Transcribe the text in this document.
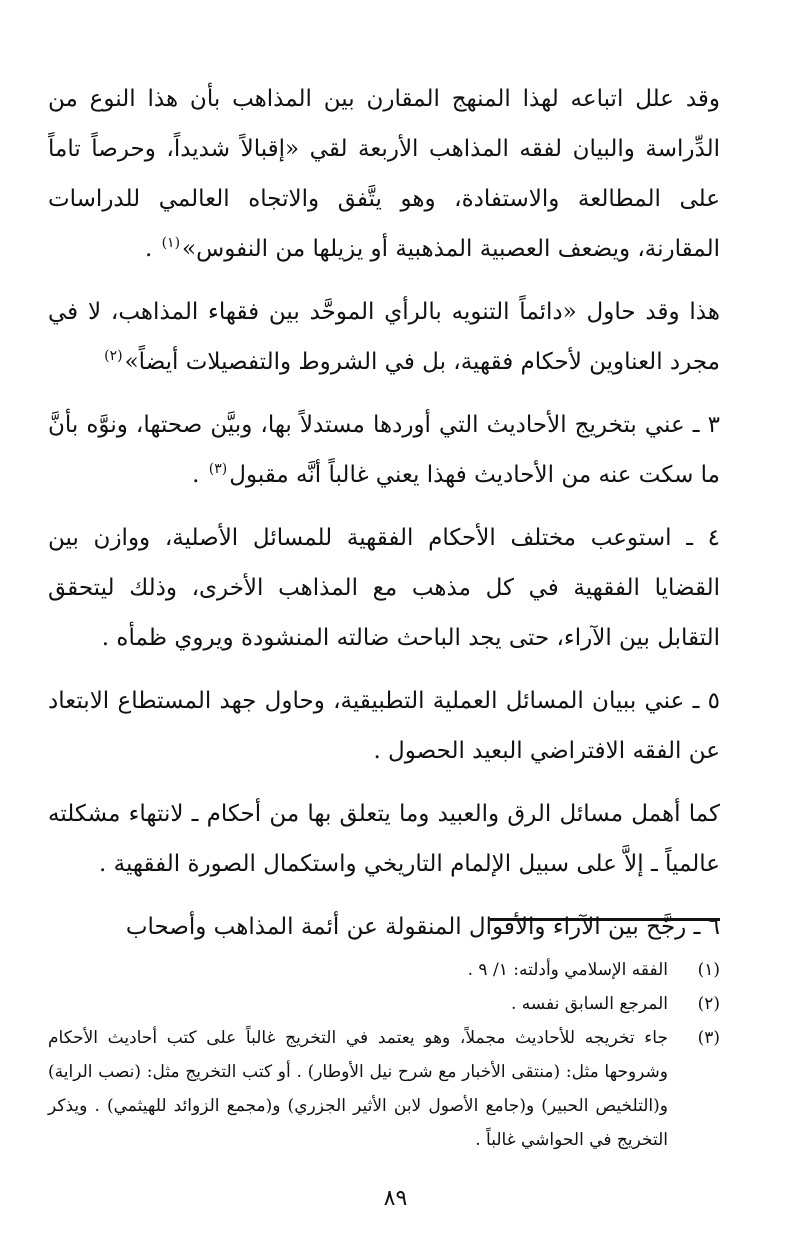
وقد علل اتباعه لهذا المنهج المقارن بين المذاهب بأن هذا النوع من الدِّراسة والبيان لفقه المذاهب الأربعة لقي «إقبالاً شديداً، وحرصاً تاماً على المطالعة والاستفادة، وهو يتَّفق والاتجاه العالمي للدراسات المقارنة، ويضعف العصبية المذهبية أو يزيلها من النفوس»$^{(١)}$ .

هذا وقد حاول «دائماً التنويه بالرأي الموحَّد بين فقهاء المذاهب، لا في مجرد العناوين لأحكام فقهية، بل في الشروط والتفصيلات أيضاً»$^{(٢)}$

٣ ـ عني بتخريج الأحاديث التي أوردها مستدلاً بها، وبيَّن صحتها، ونوَّه بأنَّ ما سكت عنه من الأحاديث فهذا يعني غالباً أنَّه مقبول$^{(٣)}$ .

٤ ـ استوعب مختلف الأحكام الفقهية للمسائل الأصلية، ووازن بين القضايا الفقهية في كل مذهب مع المذاهب الأخرى، وذلك ليتحقق التقابل بين الآراء، حتى يجد الباحث ضالته المنشودة ويروي ظمأه .

٥ ـ عني ببيان المسائل العملية التطبيقية، وحاول جهد المستطاع الابتعاد عن الفقه الافتراضي البعيد الحصول .

كما أهمل مسائل الرق والعبيد وما يتعلق بها من أحكام ـ لانتهاء مشكلته عالمياً ـ إلاَّ على سبيل الإلمام التاريخي واستكمال الصورة الفقهية .

٦ ـ رجَّح بين الآراء والأقوال المنقولة عن أئمة المذاهب وأصحاب

(١)
الفقه الإسلامي وأدلته: ١/ ٩ .
(٢)
المرجع السابق نفسه .
(٣)
جاء تخريجه للأحاديث مجملاً، وهو يعتمد في التخريج غالباً على كتب أحاديث الأحكام وشروحها مثل: (منتقى الأخبار مع شرح نيل الأوطار) . أو كتب التخريج مثل: (نصب الراية) و(التلخيص الحبير) و(جامع الأصول لابن الأثير الجزري) و(مجمع الزوائد للهيثمي) . ويذكر التخريج في الحواشي غالباً .
٨٩
